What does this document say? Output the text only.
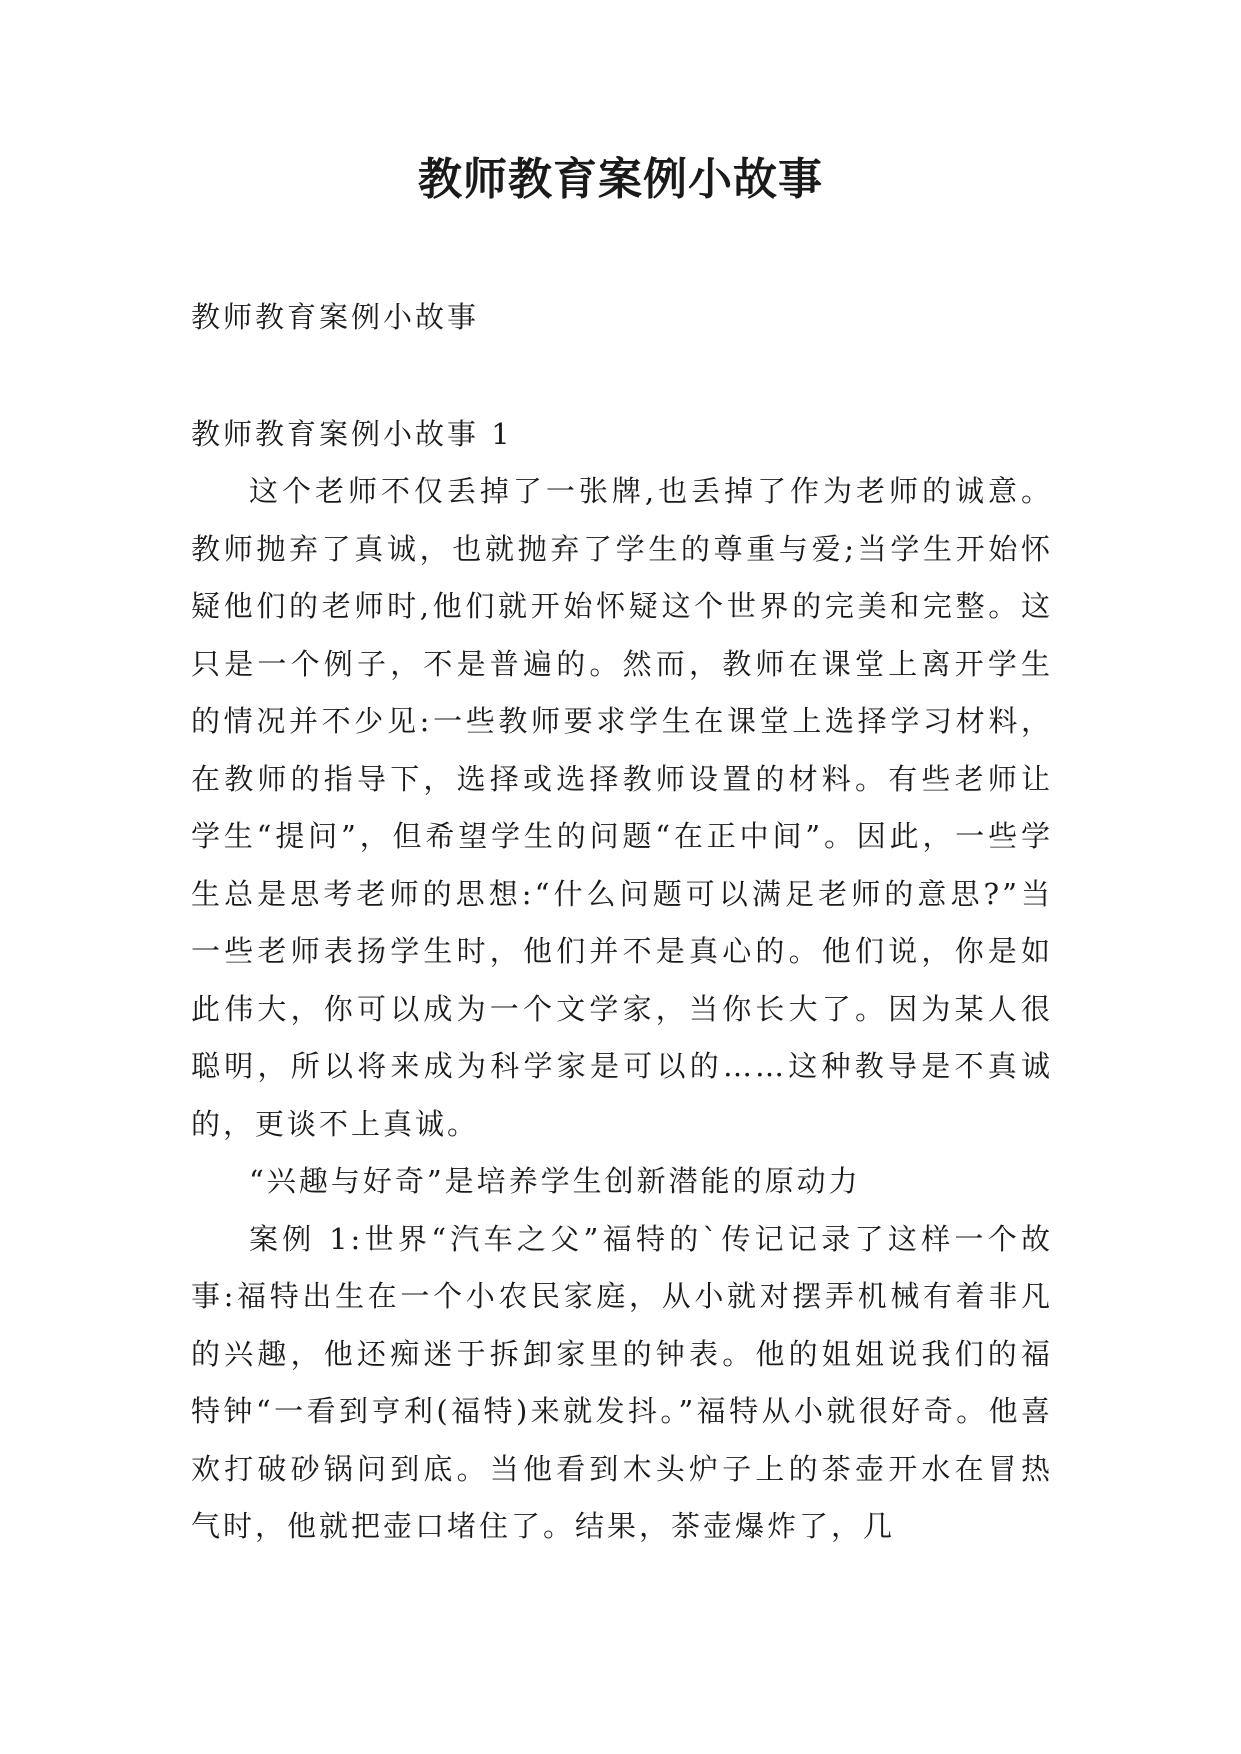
教师教育案例小故事
教师教育案例小故事
教师教育案例小故事 1

这个老师不仅丢掉了一张牌,也丢掉了作为老师的诚意。教师抛弃了真诚，也就抛弃了学生的尊重与爱;当学生开始怀疑他们的老师时,他们就开始怀疑这个世界的完美和完整。这只是一个例子，不是普遍的。然而，教师在课堂上离开学生的情况并不少见:一些教师要求学生在课堂上选择学习材料，在教师的指导下，选择或选择教师设置的材料。有些老师让学生“提问”，但希望学生的问题“在正中间”。因此，一些学生总是思考老师的思想:“什么问题可以满足老师的意思?”当一些老师表扬学生时，他们并不是真心的。他们说，你是如此伟大，你可以成为一个文学家，当你长大了。因为某人很聪明，所以将来成为科学家是可以的……这种教导是不真诚的，更谈不上真诚。

“兴趣与好奇”是培养学生创新潜能的原动力

案例 1:世界“汽车之父”福特的`传记记录了这样一个故事:福特出生在一个小农民家庭，从小就对摆弄机械有着非凡的兴趣，他还痴迷于拆卸家里的钟表。他的姐姐说我们的福特钟“一看到亨利(福特)来就发抖。”福特从小就很好奇。他喜欢打破砂锅问到底。当他看到木头炉子上的茶壶开水在冒热气时，他就把壶口堵住了。结果，茶壶爆炸了，几
